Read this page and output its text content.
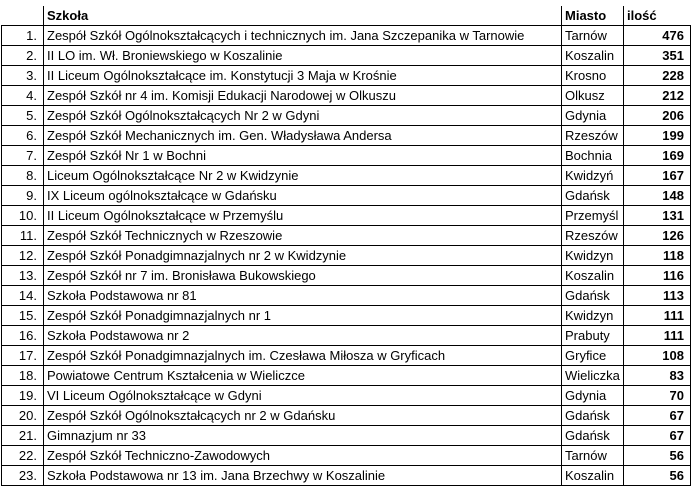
	Szkoła	Miasto	ilość
1.	Zespół Szkół Ogólnokształcących i technicznych im. Jana Szczepanika w Tarnowie	Tarnów	476
2.	II LO im. Wł. Broniewskiego w Koszalinie	Koszalin	351
3.	II Liceum Ogólnokształcące im. Konstytucji 3 Maja w Krośnie	Krosno	228
4.	Zespół Szkół nr 4 im. Komisji Edukacji Narodowej w Olkuszu	Olkusz	212
5.	Zespół Szkół Ogólnokształcących Nr 2 w Gdyni	Gdynia	206
6.	Zespół Szkół Mechanicznych im. Gen. Władysława Andersa	Rzeszów	199
7.	Zespół Szkół Nr 1 w Bochni	Bochnia	169
8.	Liceum Ogólnokształcące Nr 2 w Kwidzynie	Kwidzyń	167
9.	IX Liceum ogólnokształcące w Gdańsku	Gdańsk	148
10.	II Liceum Ogólnokształcące w Przemyślu	Przemyśl	131
11.	Zespół Szkół Technicznych w Rzeszowie	Rzeszów	126
12.	Zespół Szkół Ponadgimnazjalnych nr 2 w Kwidzynie	Kwidzyn	118
13.	Zespół Szkół nr 7 im. Bronisława Bukowskiego	Koszalin	116
14.	Szkoła Podstawowa nr 81	Gdańsk	113
15.	Zespół Szkół Ponadgimnazjalnych nr 1	Kwidzyn	111
16.	Szkoła Podstawowa nr 2	Prabuty	111
17.	Zespół Szkół Ponadgimnazjalnych im. Czesława Miłosza w Gryficach	Gryfice	108
18.	Powiatowe Centrum Kształcenia w Wieliczce	Wieliczka	83
19.	VI Liceum Ogólnokształcące w Gdyni	Gdynia	70
20.	Zespół Szkół Ogólnokształcących nr 2 w Gdańsku	Gdańsk	67
21.	Gimnazjum nr 33	Gdańsk	67
22.	Zespół Szkół Techniczno-Zawodowych	Tarnów	56
23.	Szkoła Podstawowa nr 13 im. Jana Brzechwy w Koszalinie	Koszalin	56
